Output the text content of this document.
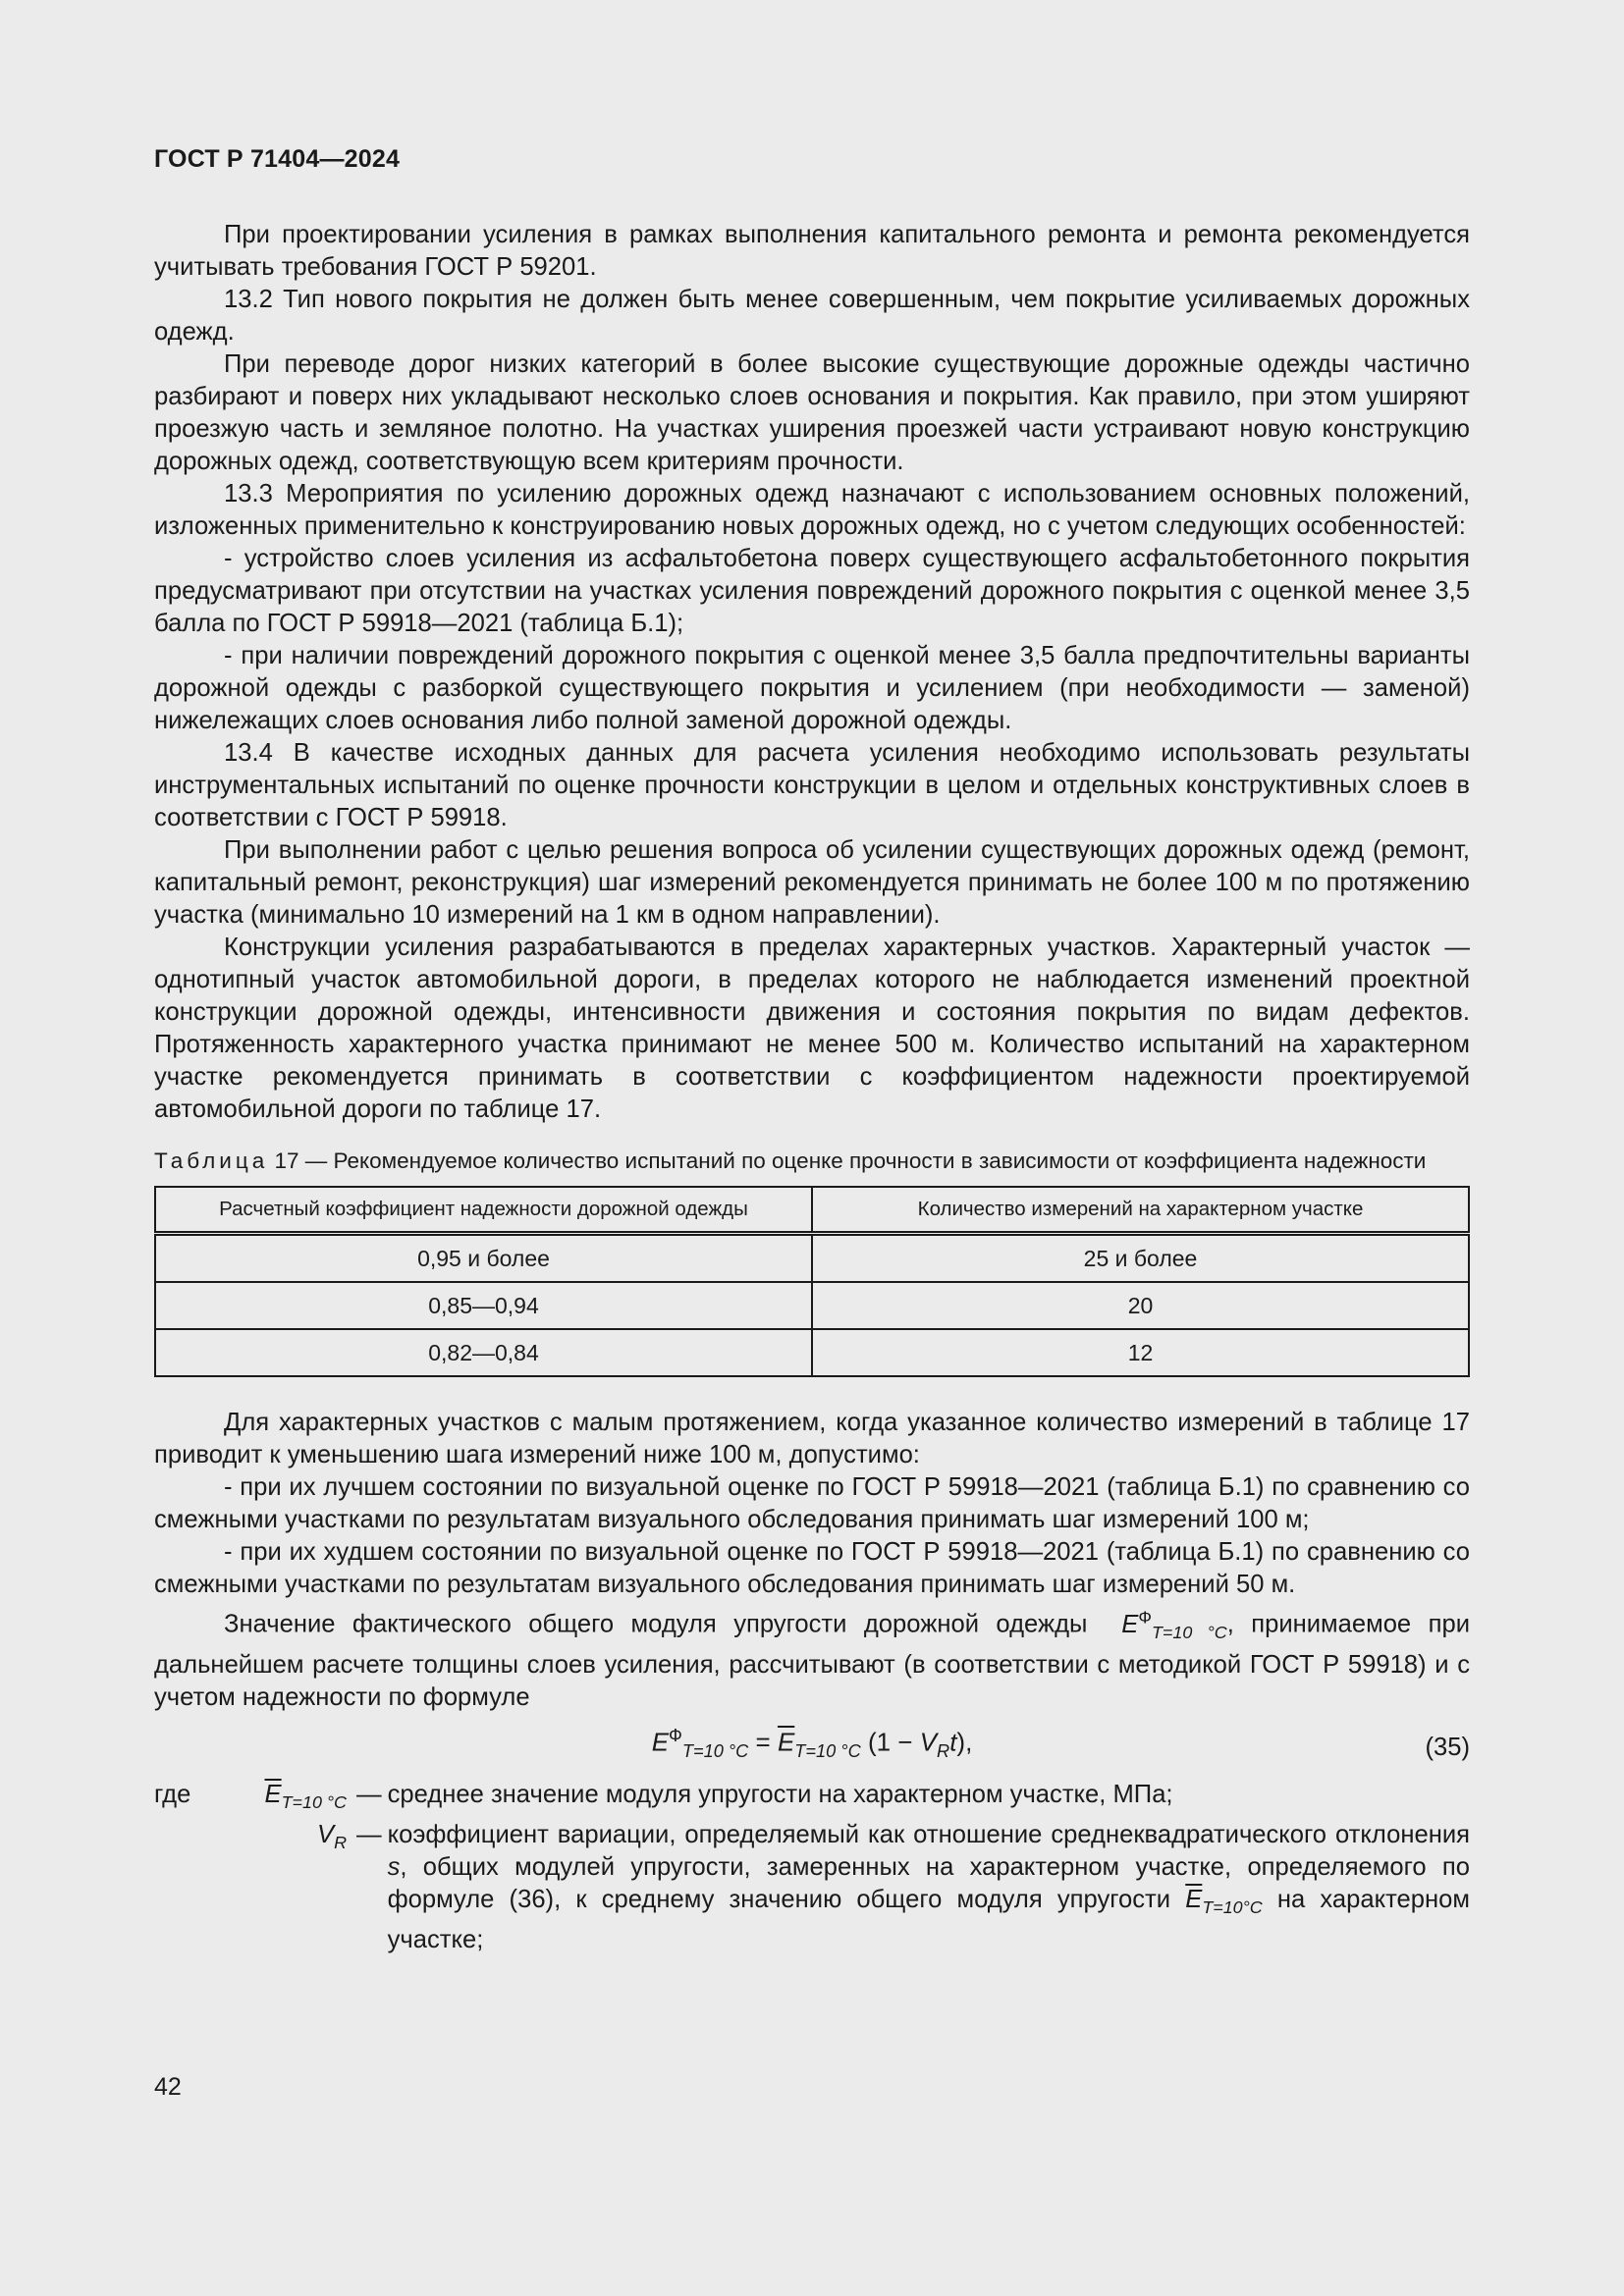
ГОСТ Р 71404—2024

При проектировании усиления в рамках выполнения капитального ремонта и ремонта рекомендуется учитывать требования ГОСТ Р 59201.

13.2 Тип нового покрытия не должен быть менее совершенным, чем покрытие усиливаемых дорожных одежд.

При переводе дорог низких категорий в более высокие существующие дорожные одежды частично разбирают и поверх них укладывают несколько слоев основания и покрытия. Как правило, при этом уширяют проезжую часть и земляное полотно. На участках уширения проезжей части устраивают новую конструкцию дорожных одежд, соответствующую всем критериям прочности.

13.3 Мероприятия по усилению дорожных одежд назначают с использованием основных положений, изложенных применительно к конструированию новых дорожных одежд, но с учетом следующих особенностей:

- устройство слоев усиления из асфальтобетона поверх существующего асфальтобетонного покрытия предусматривают при отсутствии на участках усиления повреждений дорожного покрытия с оценкой менее 3,5 балла по ГОСТ Р 59918—2021 (таблица Б.1);

- при наличии повреждений дорожного покрытия с оценкой менее 3,5 балла предпочтительны варианты дорожной одежды с разборкой существующего покрытия и усилением (при необходимости — заменой) нижележащих слоев основания либо полной заменой дорожной одежды.

13.4 В качестве исходных данных для расчета усиления необходимо использовать результаты инструментальных испытаний по оценке прочности конструкции в целом и отдельных конструктивных слоев в соответствии с ГОСТ Р 59918.

При выполнении работ с целью решения вопроса об усилении существующих дорожных одежд (ремонт, капитальный ремонт, реконструкция) шаг измерений рекомендуется принимать не более 100 м по протяжению участка (минимально 10 измерений на 1 км в одном направлении).

Конструкции усиления разрабатываются в пределах характерных участков. Характерный участок — однотипный участок автомобильной дороги, в пределах которого не наблюдается изменений проектной конструкции дорожной одежды, интенсивности движения и состояния покрытия по видам дефектов. Протяженность характерного участка принимают не менее 500 м. Количество испытаний на характерном участке рекомендуется принимать в соответствии с коэффициентом надежности проектируемой автомобильной дороги по таблице 17.

Таблица 17 — Рекомендуемое количество испытаний по оценке прочности в зависимости от коэффициента надежности
Расчетный коэффициент надежности дорожной одежды	Количество измерений на характерном участке
0,95 и более	25 и более
0,85—0,94	20
0,82—0,84	12

Для характерных участков с малым протяжением, когда указанное количество измерений в таблице 17 приводит к уменьшению шага измерений ниже 100 м, допустимо:

- при их лучшем состоянии по визуальной оценке по ГОСТ Р 59918—2021 (таблица Б.1) по сравнению со смежными участками по результатам визуального обследования принимать шаг измерений 100 м;

- при их худшем состоянии по визуальной оценке по ГОСТ Р 59918—2021 (таблица Б.1) по сравнению со смежными участками по результатам визуального обследования принимать шаг измерений 50 м.

Значение фактического общего модуля упругости дорожной одежды $E^Ф_{T=10 ^\circ C}$, принимаемое при дальнейшем расчете толщины слоев усиления, рассчитывают (в соответствии с методикой ГОСТ Р 59918) и с учетом надежности по формуле

$E^Ф_{T=10 ^\circ C} = \overline{E}_{T=10 ^\circ C}$ $(1 - V_Rt)$,	(35)
где	$\overline{E}_{T=10 ^\circ C}$ — среднее значение модуля упругости на характерном участке, МПа;
$V_R$ — коэффициент вариации, определяемый как отношение среднеквадратического отклонения s, общих модулей упругости, замеренных на характерном участке, определяемого по формуле (36), к среднему значению общего модуля упругости $\overline{E}_{T=10^\circ C}$ на характерном участке;
42
